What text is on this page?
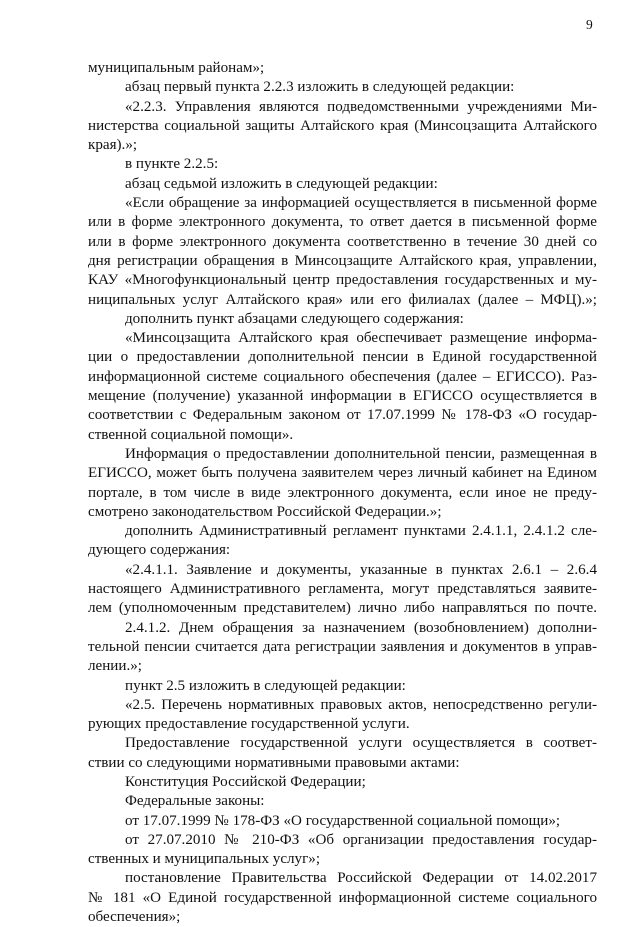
9
муниципальным районам»;
абзац первый пункта 2.2.3 изложить в следующей редакции:
«2.2.3. Управления являются подведомственными учреждениями Ми-
нистерства социальной защиты Алтайского края (Минсоцзащита Алтайского
края).»;
в пункте 2.2.5:
абзац седьмой изложить в следующей редакции:
«Если обращение за информацией осуществляется в письменной форме
или в форме электронного документа, то ответ дается в письменной форме
или в форме электронного документа соответственно в течение 30 дней со
дня регистрации обращения в Минсоцзащите Алтайского края, управлении,
КАУ «Многофункциональный центр предоставления государственных и му-
ниципальных услуг Алтайского края» или его филиалах (далее – МФЦ).»;
дополнить пункт абзацами следующего содержания:
«Минсоцзащита Алтайского края обеспечивает размещение информа-
ции о предоставлении дополнительной пенсии в Единой государственной
информационной системе социального обеспечения (далее – ЕГИССО). Раз-
мещение (получение) указанной информации в ЕГИССО осуществляется в
соответствии с Федеральным законом от 17.07.1999 № 178-ФЗ «О государ-
ственной социальной помощи».
Информация о предоставлении дополнительной пенсии, размещенная в
ЕГИССО, может быть получена заявителем через личный кабинет на Едином
портале, в том числе в виде электронного документа, если иное не преду-
смотрено законодательством Российской Федерации.»;
дополнить Административный регламент пунктами 2.4.1.1, 2.4.1.2 сле-
дующего содержания:
«2.4.1.1. Заявление и документы, указанные в пунктах 2.6.1 – 2.6.4
настоящего Административного регламента, могут представляться заявите-
лем (уполномоченным представителем) лично либо направляться по почте.
2.4.1.2. Днем обращения за назначением (возобновлением) дополни-
тельной пенсии считается дата регистрации заявления и документов в управ-
лении.»;
пункт 2.5 изложить в следующей редакции:
«2.5. Перечень нормативных правовых актов, непосредственно регули-
рующих предоставление государственной услуги.
Предоставление государственной услуги осуществляется в соответ-
ствии со следующими нормативными правовыми актами:
Конституция Российской Федерации;
Федеральные законы:
от 17.07.1999 № 178-ФЗ «О государственной социальной помощи»;
от 27.07.2010 № 210-ФЗ «Об организации предоставления государ-
ственных и муниципальных услуг»;
постановление Правительства Российской Федерации от 14.02.2017
№ 181 «О Единой государственной информационной системе социального
обеспечения»;
